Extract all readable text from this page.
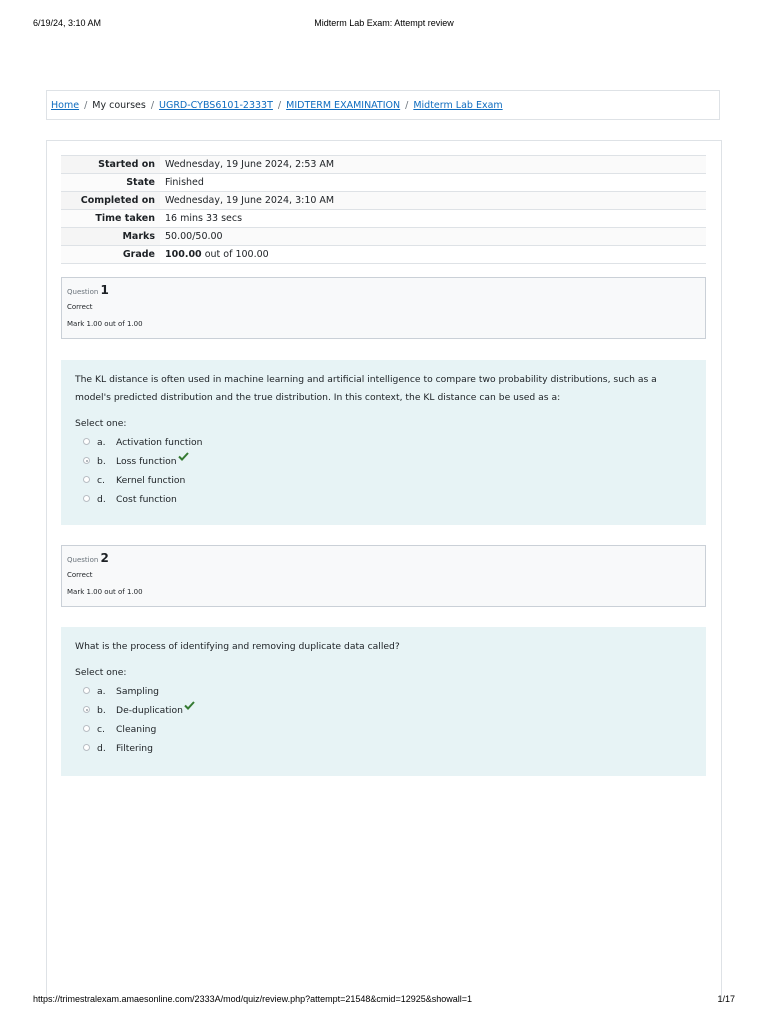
6/19/24, 3:10 AM	Midterm Lab Exam: Attempt review
Home / My courses / UGRD-CYBS6101-2333T / MIDTERM EXAMINATION / Midterm Lab Exam
Started on	Wednesday, 19 June 2024, 2:53 AM
State	Finished
Completed on	Wednesday, 19 June 2024, 3:10 AM
Time taken	16 mins 33 secs
Marks	50.00/50.00
Grade	100.00 out of 100.00
Question 1
Correct
Mark 1.00 out of 1.00

The KL distance is often used in machine learning and artificial intelligence to compare two probability distributions, such as a model's predicted distribution and the true distribution. In this context, the KL distance can be used as a:

Select one:
a. Activation function
b. Loss function
c. Kernel function
d. Cost function
Question 2
Correct
Mark 1.00 out of 1.00

What is the process of identifying and removing duplicate data called?

Select one:
a. Sampling
b. De-duplication
c. Cleaning
d. Filtering
https://trimestralexam.amaesonline.com/2333A/mod/quiz/review.php?attempt=21548&cmid=12925&showall=1	1/17
